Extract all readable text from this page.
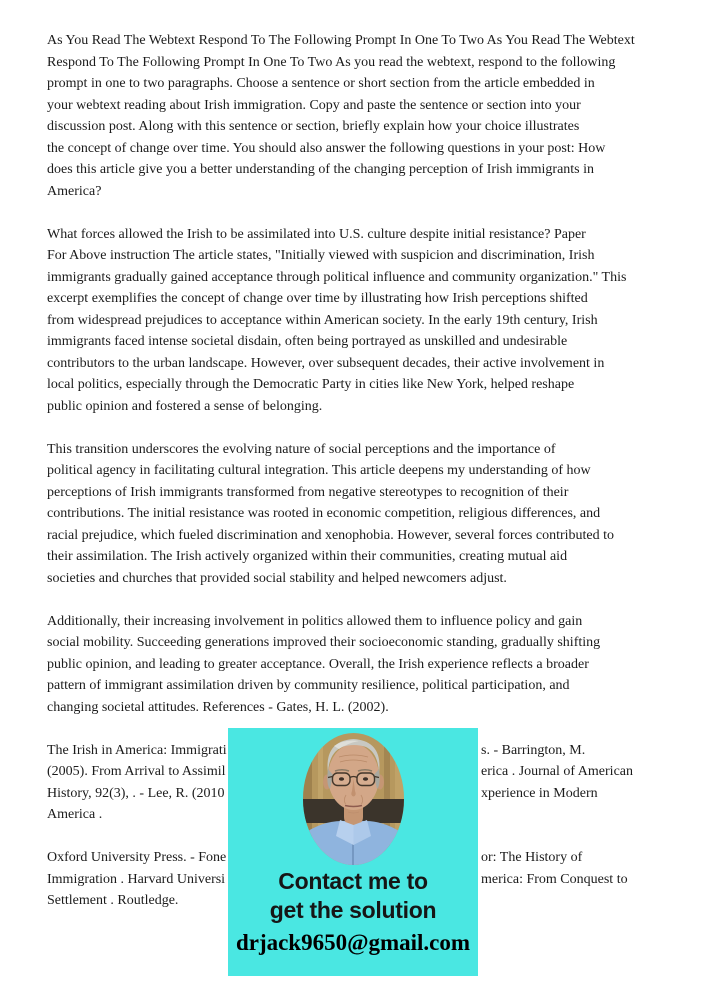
As You Read The Webtext Respond To The Following Prompt In One To Two As You Read The Webtext
Respond To The Following Prompt In One To Two As you read the webtext, respond to the following
prompt in one to two paragraphs. Choose a sentence or short section from the article embedded in
your webtext reading about Irish immigration. Copy and paste the sentence or section into your
discussion post. Along with this sentence or section, briefly explain how your choice illustrates
the concept of change over time. You should also answer the following questions in your post: How
does this article give you a better understanding of the changing perception of Irish immigrants in
America?
What forces allowed the Irish to be assimilated into U.S. culture despite initial resistance? Paper
For Above instruction The article states, "Initially viewed with suspicion and discrimination, Irish
immigrants gradually gained acceptance through political influence and community organization." This
excerpt exemplifies the concept of change over time by illustrating how Irish perceptions shifted
from widespread prejudices to acceptance within American society. In the early 19th century, Irish
immigrants faced intense societal disdain, often being portrayed as unskilled and undesirable
contributors to the urban landscape. However, over subsequent decades, their active involvement in
local politics, especially through the Democratic Party in cities like New York, helped reshape
public opinion and fostered a sense of belonging.
This transition underscores the evolving nature of social perceptions and the importance of
political agency in facilitating cultural integration. This article deepens my understanding of how
perceptions of Irish immigrants transformed from negative stereotypes to recognition of their
contributions. The initial resistance was rooted in economic competition, religious differences, and
racial prejudice, which fueled discrimination and xenophobia. However, several forces contributed to
their assimilation. The Irish actively organized within their communities, creating mutual aid
societies and churches that provided social stability and helped newcomers adjust.
Additionally, their increasing involvement in politics allowed them to influence policy and gain
social mobility. Succeeding generations improved their socioeconomic standing, gradually shifting
public opinion, and leading to greater acceptance. Overall, the Irish experience reflects a broader
pattern of immigrant assimilation driven by community resilience, political participation, and
changing societal attitudes. References - Gates, H. L. (2002).
The Irish in America: Immigrati	s. - Barrington, M.
(2005). From Arrival to Assimil	erica . Journal of American
History, 92(3), . - Lee, R. (2010	xperience in Modern
America .
Oxford University Press. - Fone	or: The History of
Immigration . Harvard Universi	merica: From Conquest to
Settlement . Routledge.
Contact me to
get the solution
drjack9650@gmail.com
